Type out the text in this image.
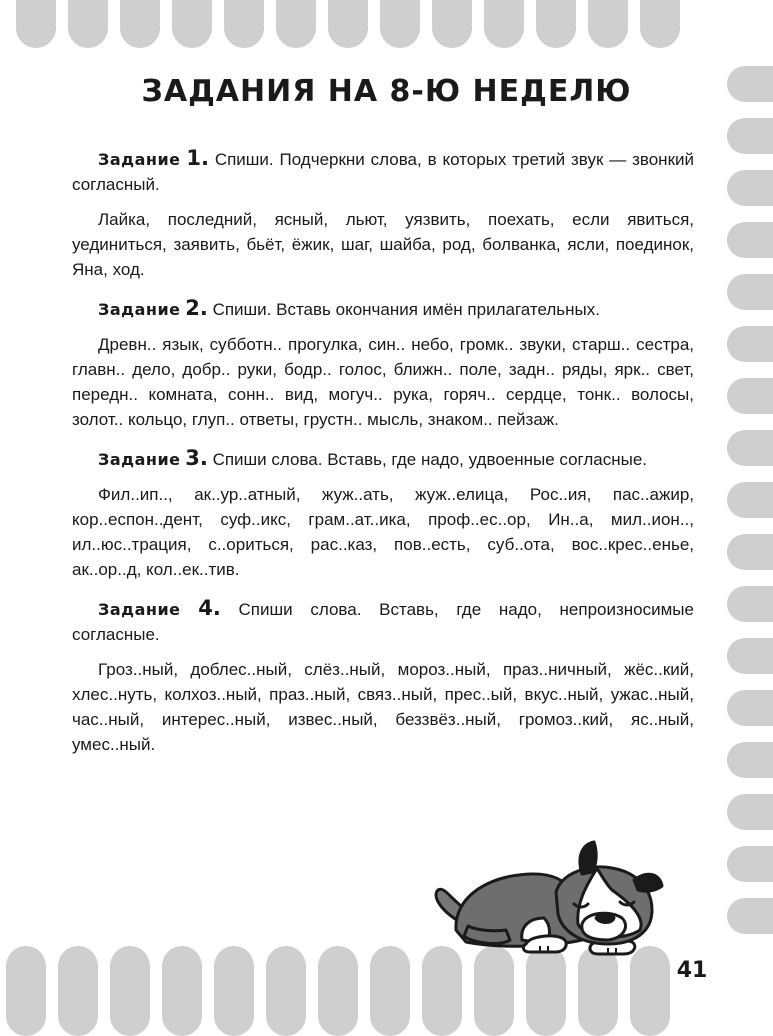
ЗАДАНИЯ НА 8-Ю НЕДЕЛЮ

Задание 1. Спиши. Подчеркни слова, в которых третий звук — звонкий согласный.

Лайка, последний, ясный, льют, уязвить, поехать, если явиться, уединиться, заявить, бьёт, ёжик, шаг, шайба, род, болванка, ясли, поединок, Яна, ход.

Задание 2. Спиши. Вставь окончания имён прилагательных.

Древн.. язык, субботн.. прогулка, син.. небо, громк.. звуки, старш.. сестра, главн.. дело, добр.. руки, бодр.. голос, ближн.. поле, задн.. ряды, ярк.. свет, передн.. комната, сонн.. вид, могуч.. рука, горяч.. сердце, тонк.. волосы, золот.. кольцо, глуп.. ответы, грустн.. мысль, знаком.. пейзаж.

Задание 3. Спиши слова. Вставь, где надо, удвоенные согласные.

Фил..ип.., ак..ур..атный, жуж..ать, жуж..елица, Рос..ия, пас..ажир, кор..еспон..дент, суф..икс, грам..ат..ика, проф..ес..ор, Ин..а, мил..ион.., ил..юс..трация, с..ориться, рас..каз, пов..есть, суб..ота, вос..крес..енье, ак..ор..д, кол..ек..тив.

Задание 4. Спиши слова. Вставь, где надо, непроизносимые согласные.

Гроз..ный, доблес..ный, слёз..ный, мороз..ный, праз..ничный, жёс..кий, хлес..нуть, колхоз..ный, праз..ный, связ..ный, прес..ый, вкус..ный, ужас..ный, час..ный, интерес..ный, извес..ный, беззвёз..ный, громоз..кий, яс..ный, умес..ный.

41
